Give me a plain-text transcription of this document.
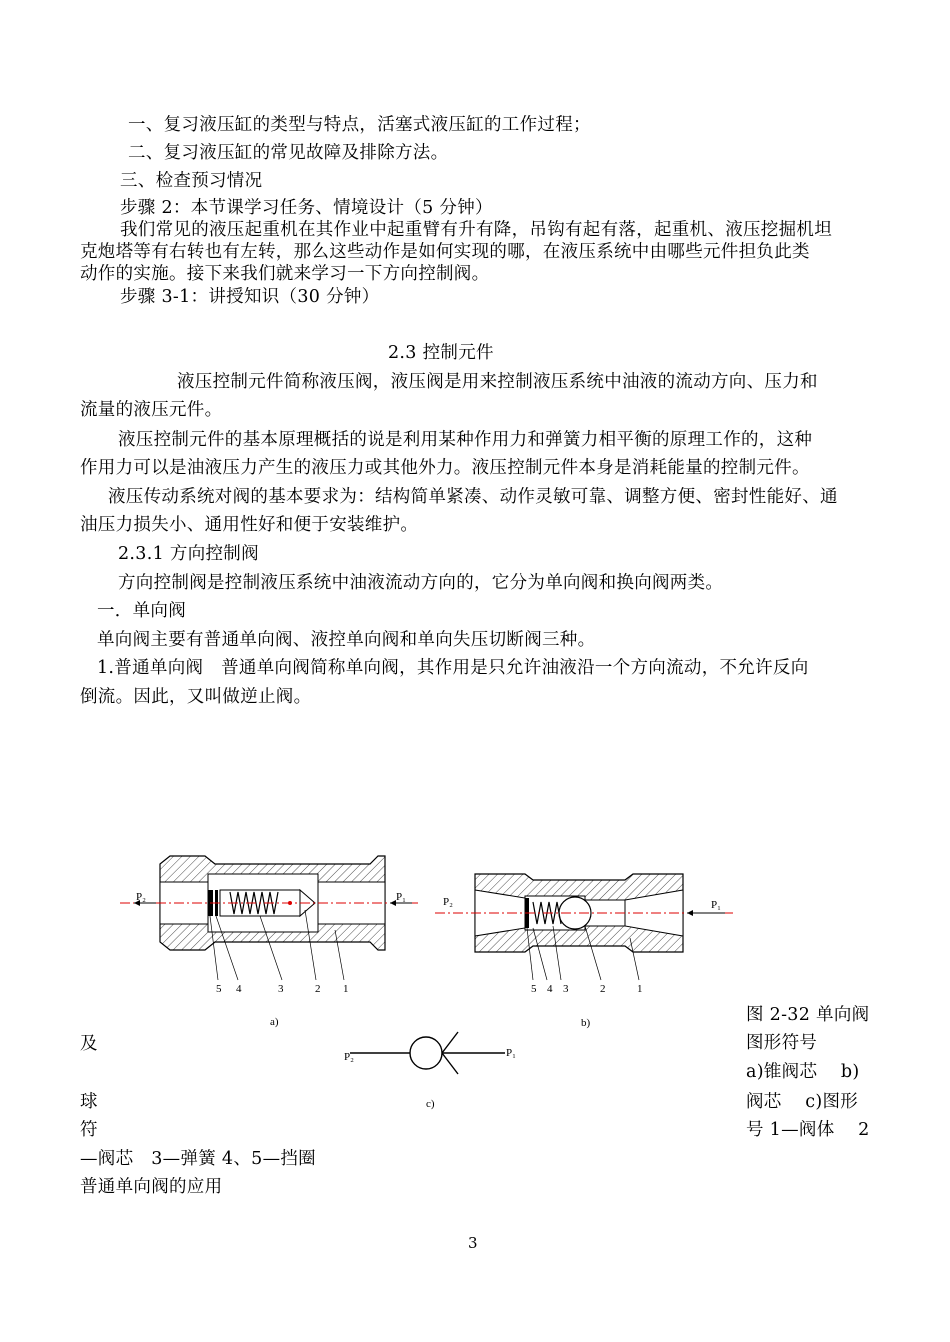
一、复习液压缸的类型与特点，活塞式液压缸的工作过程；
二、复习液压缸的常见故障及排除方法。
三、检查预习情况
步骤 2：本节课学习任务、情境设计（5 分钟）
我们常见的液压起重机在其作业中起重臂有升有降，吊钩有起有落，起重机、液压挖掘机坦
克炮塔等有右转也有左转，那么这些动作是如何实现的哪，在液压系统中由哪些元件担负此类
动作的实施。接下来我们就来学习一下方向控制阀。
步骤 3-1：讲授知识（30 分钟）
2.3 控制元件
液压控制元件简称液压阀，液压阀是用来控制液压系统中油液的流动方向、压力和
流量的液压元件。
液压控制元件的基本原理概括的说是利用某种作用力和弹簧力相平衡的原理工作的，这种
作用力可以是油液压力产生的液压力或其他外力。液压控制元件本身是消耗能量的控制元件。
液压传动系统对阀的基本要求为：结构简单紧凑、动作灵敏可靠、调整方便、密封性能好、通
油压力损失小、通用性好和便于安装维护。
2.3.1 方向控制阀
方向控制阀是控制液压系统中油液流动方向的，它分为单向阀和换向阀两类。
一．单向阀
单向阀主要有普通单向阀、液控单向阀和单向失压切断阀三种。
1.普通单向阀　普通单向阀简称单向阀，其作用是只允许油液沿一个方向流动，不允许反向
倒流。因此，又叫做逆止阀。
P₂	P₁
5 4	3	2 1
a)
P₂	P₁
5 4 3	2	1
b)
P₂	P₁
c)
图 2-32 单向阀
图形符号
a)锥阀芯　 b)
阀芯　 c)图形
号 1—阀体　 2
及
球
符
—阀芯　3—弹簧 4、5—挡圈
普通单向阀的应用
3
